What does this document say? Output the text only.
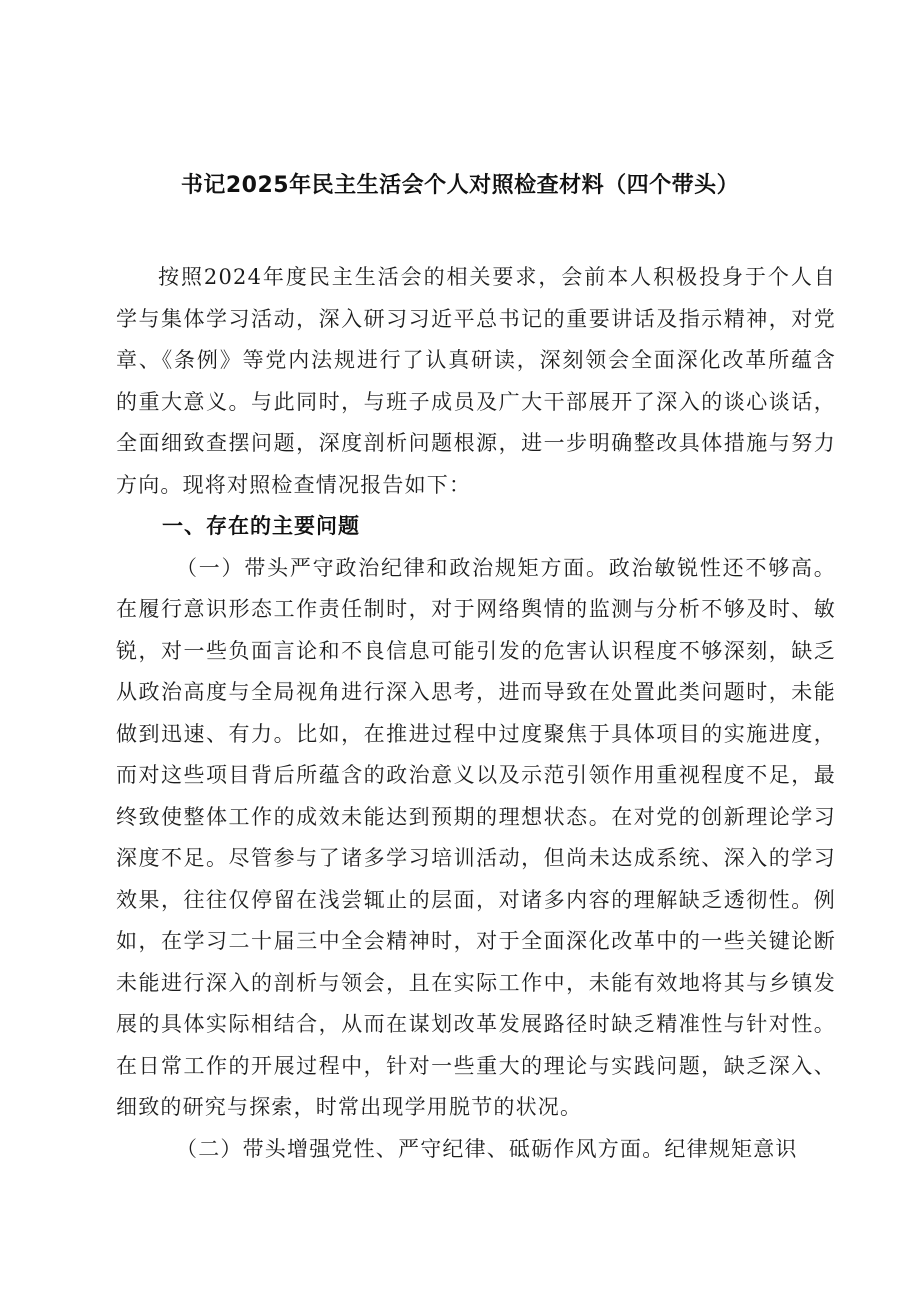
书记2025年民主生活会个人对照检查材料（四个带头）

按照2024年度民主生活会的相关要求，会前本人积极投身于个人自学与集体学习活动，深入研习习近平总书记的重要讲话及指示精神，对党章、《条例》等党内法规进行了认真研读，深刻领会全面深化改革所蕴含的重大意义。与此同时，与班子成员及广大干部展开了深入的谈心谈话，全面细致查摆问题，深度剖析问题根源，进一步明确整改具体措施与努力方向。现将对照检查情况报告如下：

一、存在的主要问题

（一）带头严守政治纪律和政治规矩方面。政治敏锐性还不够高。在履行意识形态工作责任制时，对于网络舆情的监测与分析不够及时、敏锐，对一些负面言论和不良信息可能引发的危害认识程度不够深刻，缺乏从政治高度与全局视角进行深入思考，进而导致在处置此类问题时，未能做到迅速、有力。比如，在推进过程中过度聚焦于具体项目的实施进度，而对这些项目背后所蕴含的政治意义以及示范引领作用重视程度不足，最终致使整体工作的成效未能达到预期的理想状态。在对党的创新理论学习深度不足。尽管参与了诸多学习培训活动，但尚未达成系统、深入的学习效果，往往仅停留在浅尝辄止的层面，对诸多内容的理解缺乏透彻性。例如，在学习二十届三中全会精神时，对于全面深化改革中的一些关键论断未能进行深入的剖析与领会，且在实际工作中，未能有效地将其与乡镇发展的具体实际相结合，从而在谋划改革发展路径时缺乏精准性与针对性。在日常工作的开展过程中，针对一些重大的理论与实践问题，缺乏深入、细致的研究与探索，时常出现学用脱节的状况。

（二）带头增强党性、严守纪律、砥砺作风方面。纪律规矩意识
